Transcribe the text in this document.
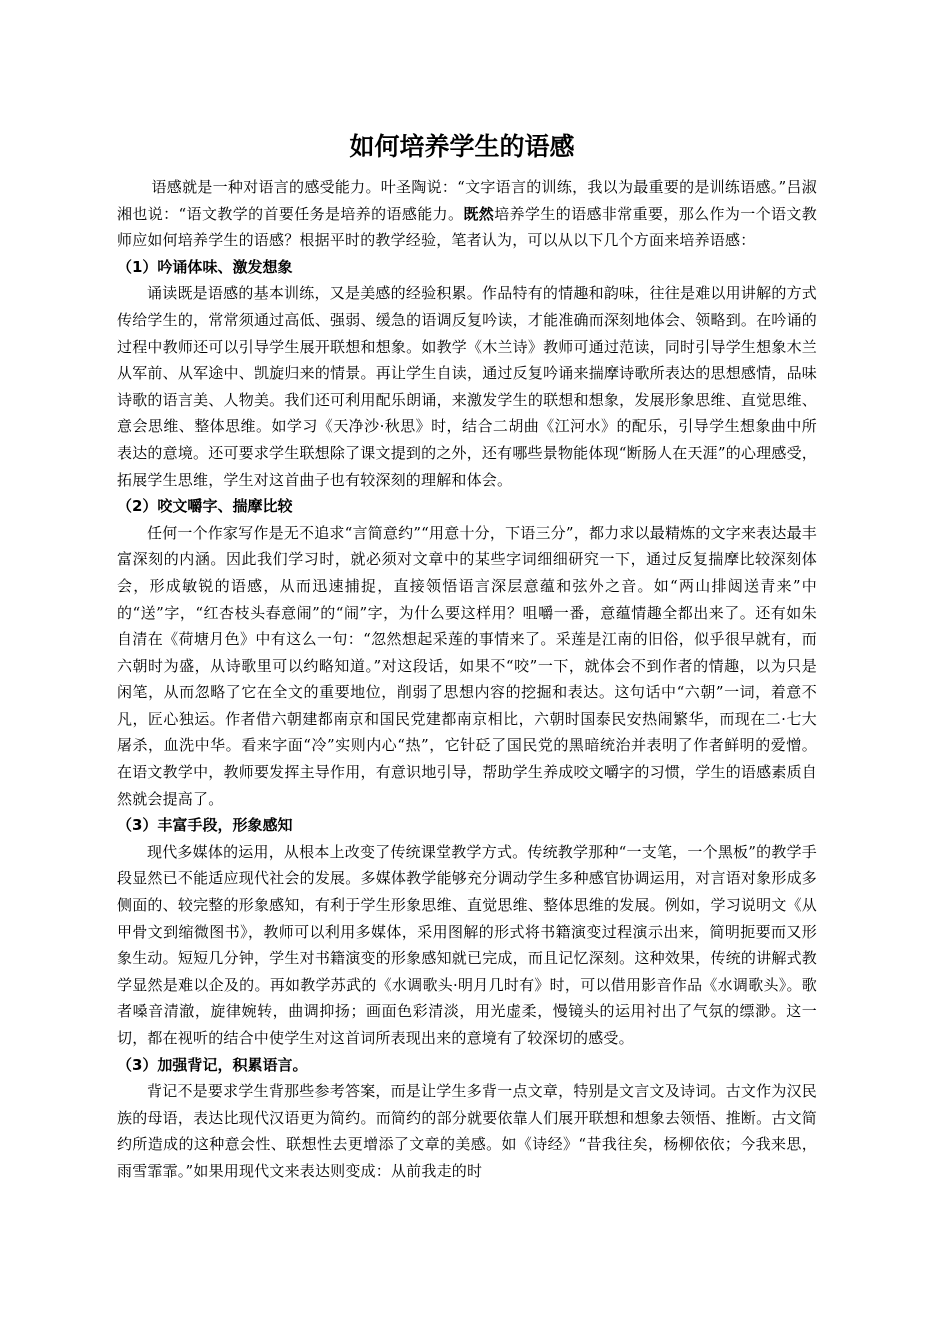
如何培养学生的语感

语感就是一种对语言的感受能力。叶圣陶说：“文字语言的训练，我以为最重要的是训练语感。”吕淑湘也说：“语文教学的首要任务是培养的语感能力。既然培养学生的语感非常重要，那么作为一个语文教师应如何培养学生的语感？根据平时的教学经验，笔者认为，可以从以下几个方面来培养语感：

（1）吟诵体味、激发想象

诵读既是语感的基本训练，又是美感的经验积累。作品特有的情趣和韵味，往往是难以用讲解的方式传给学生的，常常须通过高低、强弱、缓急的语调反复吟读，才能准确而深刻地体会、领略到。在吟诵的过程中教师还可以引导学生展开联想和想象。如教学《木兰诗》教师可通过范读，同时引导学生想象木兰从军前、从军途中、凯旋归来的情景。再让学生自读，通过反复吟诵来揣摩诗歌所表达的思想感情，品味诗歌的语言美、人物美。我们还可利用配乐朗诵，来激发学生的联想和想象，发展形象思维、直觉思维、意会思维、整体思维。如学习《天净沙·秋思》时，结合二胡曲《江河水》的配乐，引导学生想象曲中所表达的意境。还可要求学生联想除了课文提到的之外，还有哪些景物能体现“断肠人在天涯”的心理感受，拓展学生思维，学生对这首曲子也有较深刻的理解和体会。

（2）咬文嚼字、揣摩比较

任何一个作家写作是无不追求“言简意约”“用意十分，下语三分”，都力求以最精炼的文字来表达最丰富深刻的内涵。因此我们学习时，就必须对文章中的某些字词细细研究一下，通过反复揣摩比较深刻体会，形成敏锐的语感，从而迅速捕捉，直接领悟语言深层意蕴和弦外之音。如“两山排闼送青来”中的“送”字，“红杏枝头春意闹”的“闹”字，为什么要这样用？咀嚼一番，意蕴情趣全都出来了。还有如朱自清在《荷塘月色》中有这么一句：“忽然想起采莲的事情来了。采莲是江南的旧俗，似乎很早就有，而六朝时为盛，从诗歌里可以约略知道。”对这段话，如果不“咬”一下，就体会不到作者的情趣，以为只是闲笔，从而忽略了它在全文的重要地位，削弱了思想内容的挖掘和表达。这句话中“六朝”一词，着意不凡，匠心独运。作者借六朝建都南京和国民党建都南京相比，六朝时国泰民安热闹繁华，而现在二·七大屠杀，血洗中华。看来字面“冷”实则内心“热”，它针砭了国民党的黑暗统治并表明了作者鲜明的爱憎。在语文教学中，教师要发挥主导作用，有意识地引导，帮助学生养成咬文嚼字的习惯，学生的语感素质自然就会提高了。

（3）丰富手段，形象感知

现代多媒体的运用，从根本上改变了传统课堂教学方式。传统教学那种“一支笔，一个黑板”的教学手段显然已不能适应现代社会的发展。多媒体教学能够充分调动学生多种感官协调运用，对言语对象形成多侧面的、较完整的形象感知，有利于学生形象思维、直觉思维、整体思维的发展。例如，学习说明文《从甲骨文到缩微图书》，教师可以利用多媒体，采用图解的形式将书籍演变过程演示出来，简明扼要而又形象生动。短短几分钟，学生对书籍演变的形象感知就已完成，而且记忆深刻。这种效果，传统的讲解式教学显然是难以企及的。再如教学苏武的《水调歌头·明月几时有》时，可以借用影音作品《水调歌头》。歌者嗓音清澈，旋律婉转，曲调抑扬；画面色彩清淡，用光虚柔，慢镜头的运用衬出了气氛的缥渺。这一切，都在视听的结合中使学生对这首词所表现出来的意境有了较深切的感受。

（3）加强背记，积累语言。

背记不是要求学生背那些参考答案，而是让学生多背一点文章，特别是文言文及诗词。古文作为汉民族的母语，表达比现代汉语更为简约。而简约的部分就要依靠人们展开联想和想象去领悟、推断。古文简约所造成的这种意会性、联想性去更增添了文章的美感。如《诗经》“昔我往矣，杨柳依依；今我来思，雨雪霏霏。”如果用现代文来表达则变成：从前我走的时
